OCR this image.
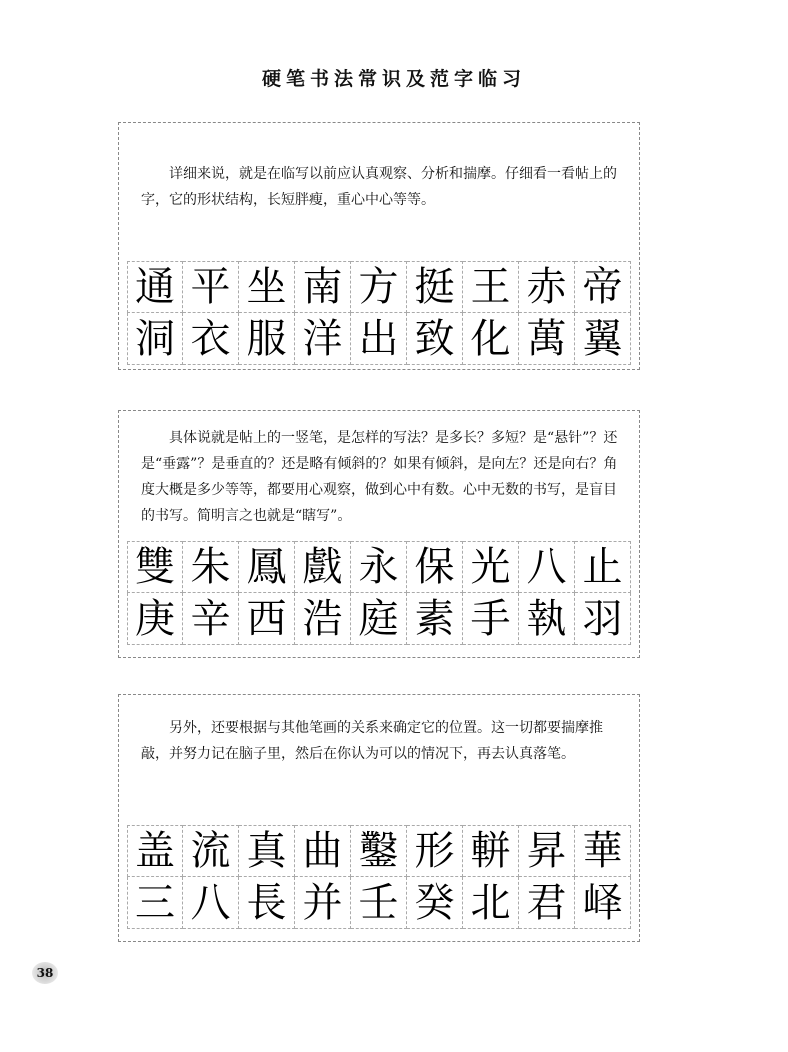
硬笔书法常识及范字临习

详细来说，就是在临写以前应认真观察、分析和揣摩。仔细看一看帖上的字，它的形状结构，长短胖瘦，重心中心等等。

通 平 坐 南 方 挺 王 赤 帝
洞 衣 服 洋 出 致 化 萬 翼

具体说就是帖上的一竖笔，是怎样的写法？是多长？多短？是“悬针”？还是“垂露”？是垂直的？还是略有倾斜的？如果有倾斜，是向左？还是向右？角度大概是多少等等，都要用心观察，做到心中有数。心中无数的书写，是盲目的书写。简明言之也就是“瞎写”。

雙 朱 鳳 戲 永 保 光 八 止
庚 辛 西 浩 庭 素 手 執 羽

另外，还要根据与其他笔画的关系来确定它的位置。这一切都要揣摩推敲，并努力记在脑子里，然后在你认为可以的情况下，再去认真落笔。

盖 流 真 曲 鑿 形 軿 昇 華
三 八 長 并 壬 癸 北 君 峄
38
